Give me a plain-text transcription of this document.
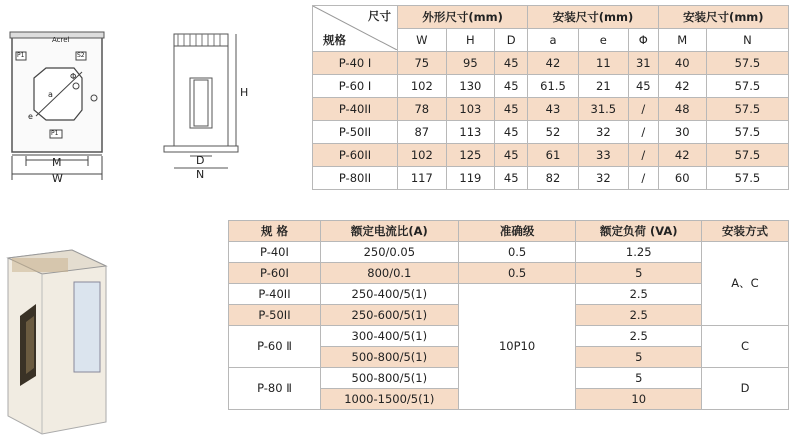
Acrel
P1	S2
P1
a
e
Φ
M
W
H
D
N
尺寸
规格	外形尺寸(mm)			安装尺寸(mm)			安装尺寸(mm)	
	W	H	D	a	e	Φ	M	N
P-40 I	75	95	45	42	11	31	40	57.5
P-60 I	102	130	45	61.5	21	45	42	57.5
P-40II	78	103	45	43	31.5	/	48	57.5
P-50II	87	113	45	52	32	/	30	57.5
P-60II	102	125	45	61	33	/	42	57.5
P-80II	117	119	45	82	32	/	60	57.5
规 格	额定电流比(A)	准确级	额定负荷 (VA)	安装方式
P-40I	250/0.05	0.5	1.25	A、C
P-60I	800/0.1	0.5	5	
P-40II	250-400/5(1)	10P10	2.5	
P-50II	250-600/5(1)		2.5	
P-60 Ⅱ	300-400/5(1)		2.5	C
	500-800/5(1)		5	
P-80 Ⅱ	500-800/5(1)		5	D
	1000-1500/5(1)		10	
